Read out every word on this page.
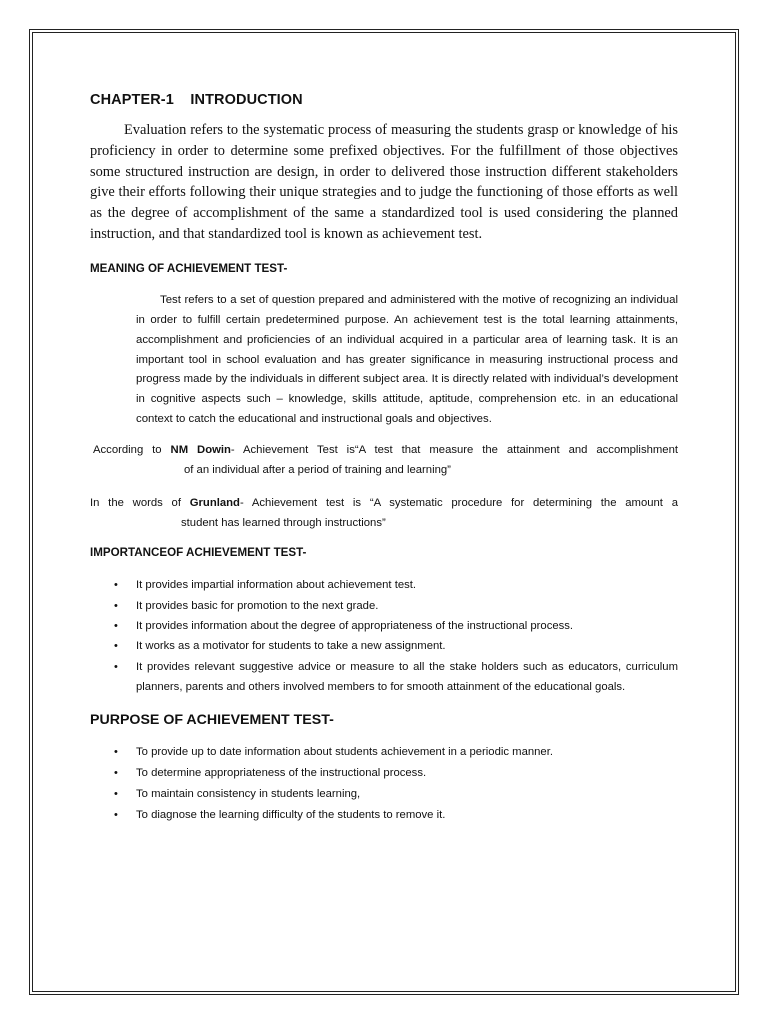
CHAPTER-1    INTRODUCTION

Evaluation refers to the systematic process of measuring the students grasp or knowledge of his proficiency in order to determine some prefixed objectives. For the fulfillment of those objectives some structured instruction are design, in order to delivered those instruction different stakeholders give their efforts following their unique strategies and to judge the functioning of those efforts as well as the degree of accomplishment of the same a standardized tool is used considering the planned instruction, and that standardized tool is known as achievement test.

MEANING OF ACHIEVEMENT TEST-

Test refers to a set of question prepared and administered with the motive of recognizing an individual in order to fulfill certain predetermined purpose. An achievement test is the total learning attainments, accomplishment and proficiencies of an individual acquired in a particular area of learning task. It is an important tool in school evaluation and has greater significance in measuring instructional process and progress made by the individuals in different subject area. It is directly related with individual’s development in cognitive aspects such – knowledge, skills attitude, aptitude, comprehension etc. in an educational context to catch the educational and instructional goals and objectives.

According to NM Dowin- Achievement Test is“A test that measure the attainment and accomplishment
of an individual after a period of training and learning”

In the words of Grunland- Achievement test is “A systematic procedure for determining the amount a
student has learned through instructions”

IMPORTANCEOF ACHIEVEMENT TEST-
• It provides impartial information about achievement test.
• It provides basic for promotion to the next grade.
• It provides information about the degree of appropriateness of the instructional process.
• It works as a motivator for students to take a new assignment.
• It provides relevant suggestive advice or measure to all the stake holders such as educators, curriculum planners, parents and others involved members to for smooth attainment of the educational goals.
PURPOSE OF ACHIEVEMENT TEST-
• To provide up to date information about students achievement in a periodic manner.
• To determine appropriateness of the instructional process.
• To maintain consistency in students learning,
• To diagnose the learning difficulty of the students to remove it.
